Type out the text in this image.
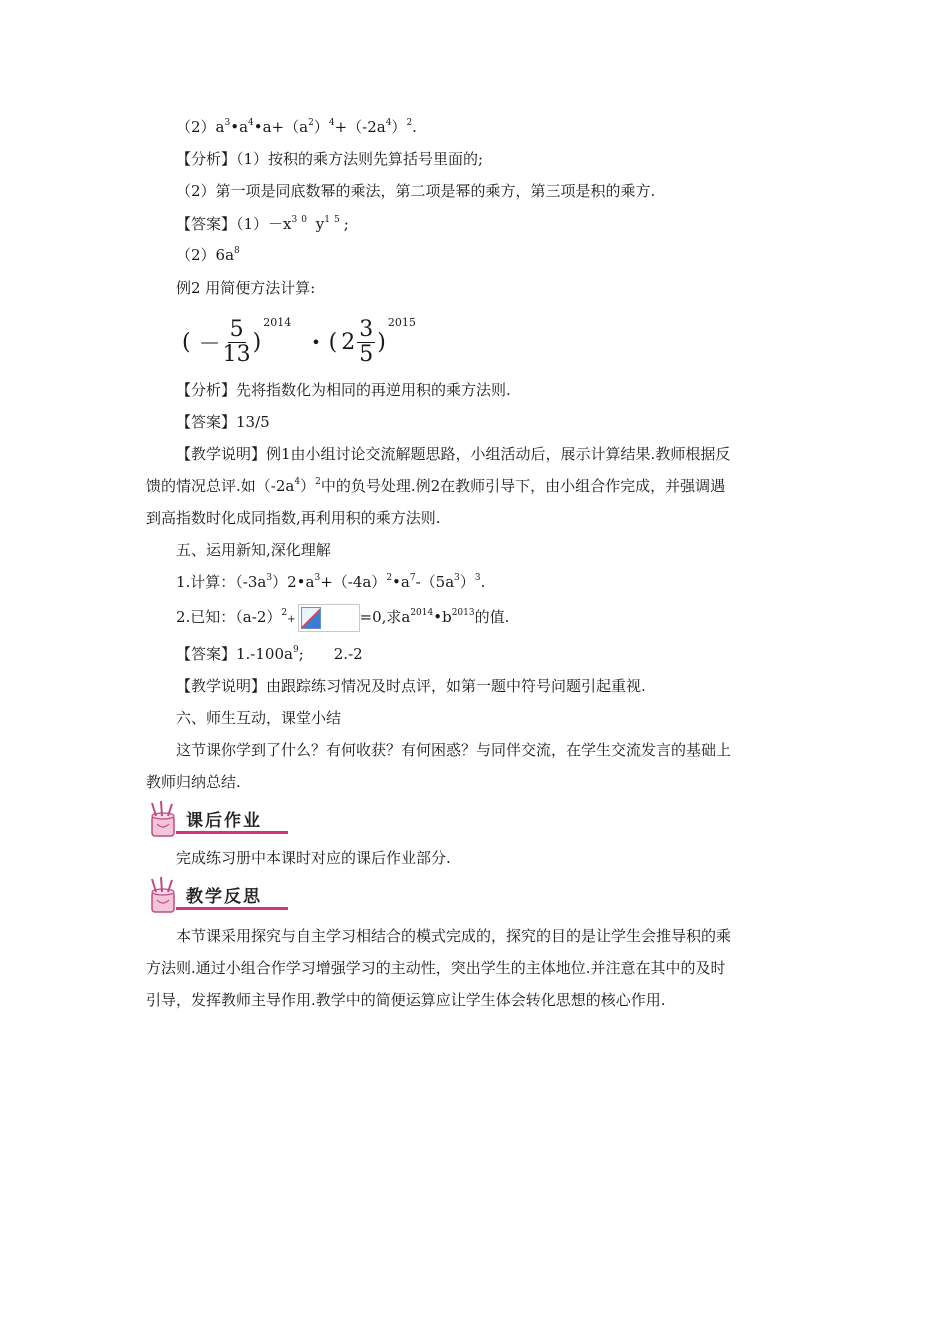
$(2)a^3•a^4•a+(a^2)^4+(-2a^4)^2$.
【分析】（1）按积的乘方法则先算括号里面的;
（2）第一项是同底数幂的乘法，第二项是幂的乘方，第三项是积的乘方.
【答案】$(1)-x^{30}$ $y^{15}$;
$(2)6a^8$
例2 用简便方法计算:
( － $\frac{5}{13}$ )
2014
• ( $2 \frac{3}{5}$ )
2015
【分析】先将指数化为相同的再逆用积的乘方法则.
【答案】13/5
【教学说明】例1由小组讨论交流解题思路，小组活动后，展示计算结果.教师根据反
馈的情况总评.如$(-2a^4)^2$中的负号处理.例2在教师引导下，由小组合作完成，并强调遇
到高指数时化成同指数,再利用积的乘方法则.
五、运用新知,深化理解
1.计算：$(-3a^3)2•a^3+(-4a)^2•a^7-(5a^3)^3$.
2.已知：$(a-2)^2+$	=0,求$a^{2014}•b^{2013}$的值.
【答案】$1.-100a^9$;　　2.-2
【教学说明】由跟踪练习情况及时点评，如第一题中符号问题引起重视.
六、师生互动，课堂小结
这节课你学到了什么？有何收获？有何困惑？与同伴交流，在学生交流发言的基础上
教师归纳总结.
课后作业
完成练习册中本课时对应的课后作业部分.
教学反思
本节课采用探究与自主学习相结合的模式完成的，探究的目的是让学生会推导积的乘
方法则.通过小组合作学习增强学习的主动性，突出学生的主体地位.并注意在其中的及时
引导，发挥教师主导作用.教学中的简便运算应让学生体会转化思想的核心作用.
